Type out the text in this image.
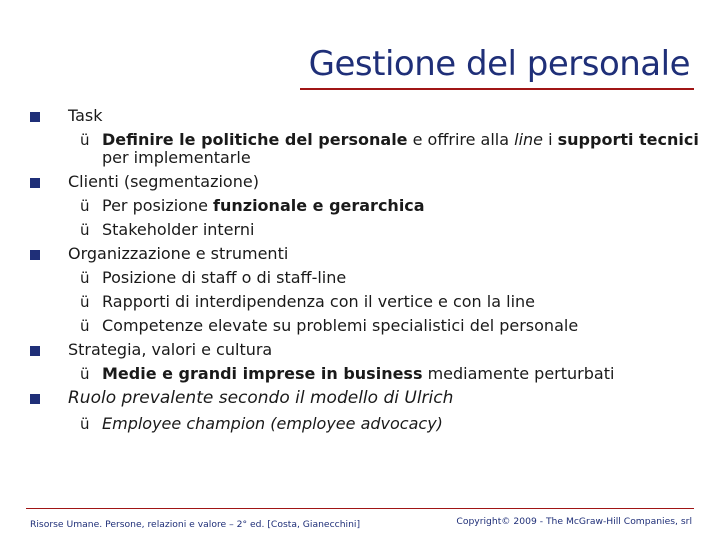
Gestione del personale
Task
ü Definire le politiche del personale e offrire alla line i supporti tecnici
per implementarle
Clienti (segmentazione)
ü Per posizione funzionale e gerarchica
ü Stakeholder interni
Organizzazione e strumenti
ü Posizione di staff o di staff-line
ü Rapporti di interdipendenza con il vertice e con la line
ü Competenze elevate su problemi specialistici del personale
Strategia, valori e cultura
ü Medie e grandi imprese in business mediamente perturbati
Ruolo prevalente secondo il modello di Ulrich
ü Employee champion (employee advocacy)
Risorse Umane. Persone, relazioni e valore – 2° ed. [Costa, Gianecchini]	Copyright© 2009 - The McGraw-Hill Companies, srl
